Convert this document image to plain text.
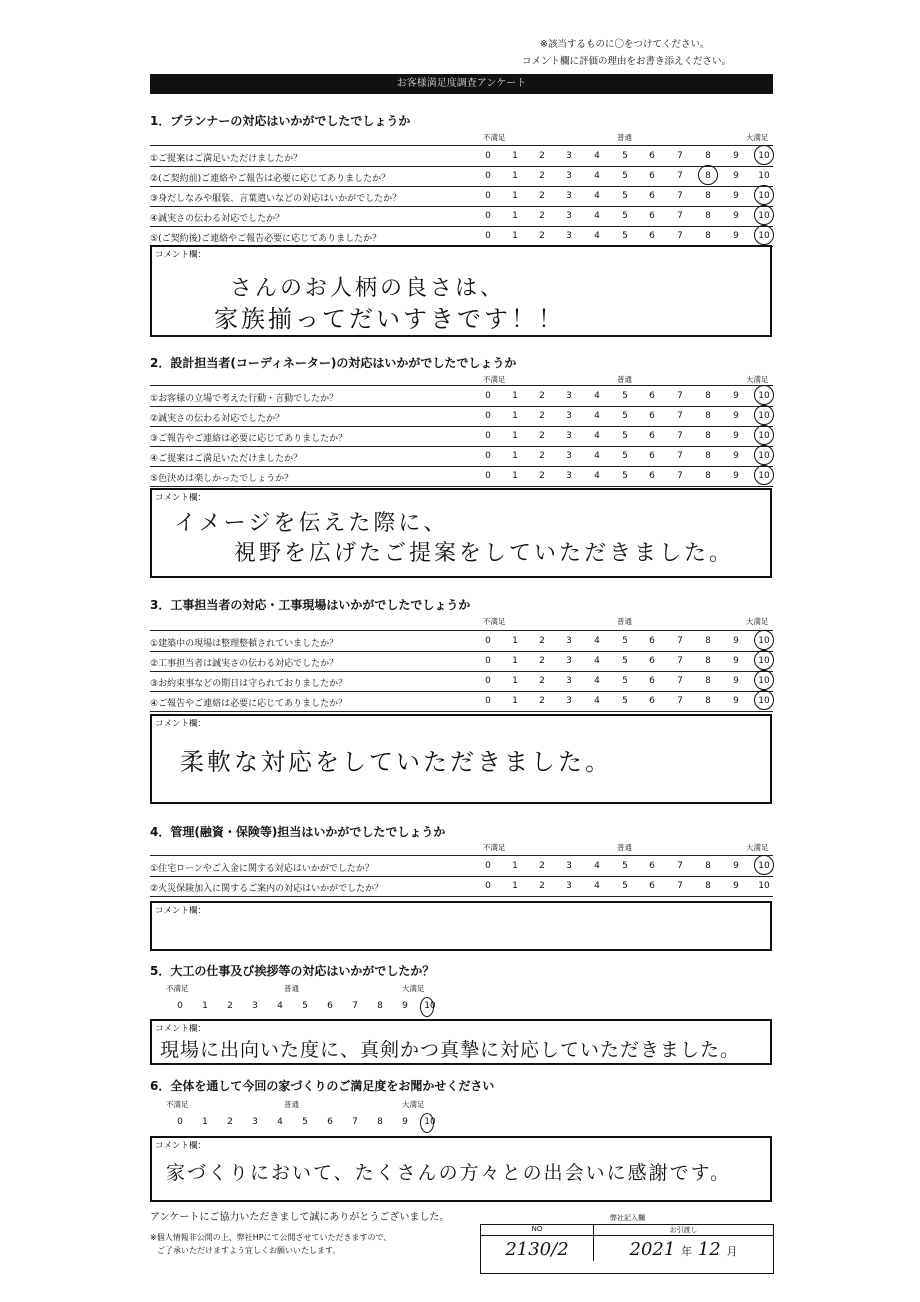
※該当するものに〇をつけてください。
コメント欄に評価の理由をお書き添えください。
お客様満足度調査アンケート
1．プランナーの対応はいかがでしたでしょうか
不満足	普通	大満足
①ご提案はご満足いただけましたか？	0	1	2	3	4	5	6	7	8	9	10
②(ご契約前)ご連絡やご報告は必要に応じてありましたか？	0	1	2	3	4	5	6	7	8	9	10
③身だしなみや服装、言葉遣いなどの対応はいかがでしたか？	0	1	2	3	4	5	6	7	8	9	10
④誠実さの伝わる対応でしたか？	0	1	2	3	4	5	6	7	8	9	10
⑤(ご契約後)ご連絡やご報告必要に応じてありましたか？	0	1	2	3	4	5	6	7	8	9	10
コメント欄：
さんのお人柄の良さは、
家族揃ってだいすきです！！
2．設計担当者(コーディネーター)の対応はいかがでしたでしょうか
不満足	普通	大満足
①お客様の立場で考えた行動・言動でしたか？	0	1	2	3	4	5	6	7	8	9	10
②誠実さの伝わる対応でしたか？	0	1	2	3	4	5	6	7	8	9	10
③ご報告やご連絡は必要に応じてありましたか？	0	1	2	3	4	5	6	7	8	9	10
④ご提案はご満足いただけましたか？	0	1	2	3	4	5	6	7	8	9	10
⑤色決めは楽しかったでしょうか？	0	1	2	3	4	5	6	7	8	9	10
コメント欄：
イメージを伝えた際に、
視野を広げたご提案をしていただきました。
3．工事担当者の対応・工事現場はいかがでしたでしょうか
不満足	普通	大満足
①建築中の現場は整理整頓されていましたか？	0	1	2	3	4	5	6	7	8	9	10
②工事担当者は誠実さの伝わる対応でしたか？	0	1	2	3	4	5	6	7	8	9	10
③お約束事などの期日は守られておりましたか？	0	1	2	3	4	5	6	7	8	9	10
④ご報告やご連絡は必要に応じてありましたか？	0	1	2	3	4	5	6	7	8	9	10
コメント欄：
柔軟な対応をしていただきました。
4．管理(融資・保険等)担当はいかがでしたでしょうか
不満足	普通	大満足
①住宅ローンやご入金に関する対応はいかがでしたか？	0	1	2	3	4	5	6	7	8	9	10
②火災保険加入に関するご案内の対応はいかがでしたか？	0	1	2	3	4	5	6	7	8	9	10
コメント欄：
5．大工の仕事及び挨拶等の対応はいかがでしたか？
不満足	普通	大満足
0	1	2	3	4	5	6	7	8	9	10
コメント欄：
現場に出向いた度に、真剣かつ真摯に対応していただきました。
6．全体を通して今回の家づくりのご満足度をお聞かせください
不満足	普通	大満足
0	1	2	3	4	5	6	7	8	9	10
コメント欄：
家づくりにおいて、たくさんの方々との出会いに感謝です。
アンケートにご協力いただきまして誠にありがとうございました。
※個人情報非公開の上、弊社HPにて公開させていただきますので、
ご了承いただけますよう宜しくお願いいたします。
弊社記入欄
NO
2130/2
お引渡し
2021 年 12 月
